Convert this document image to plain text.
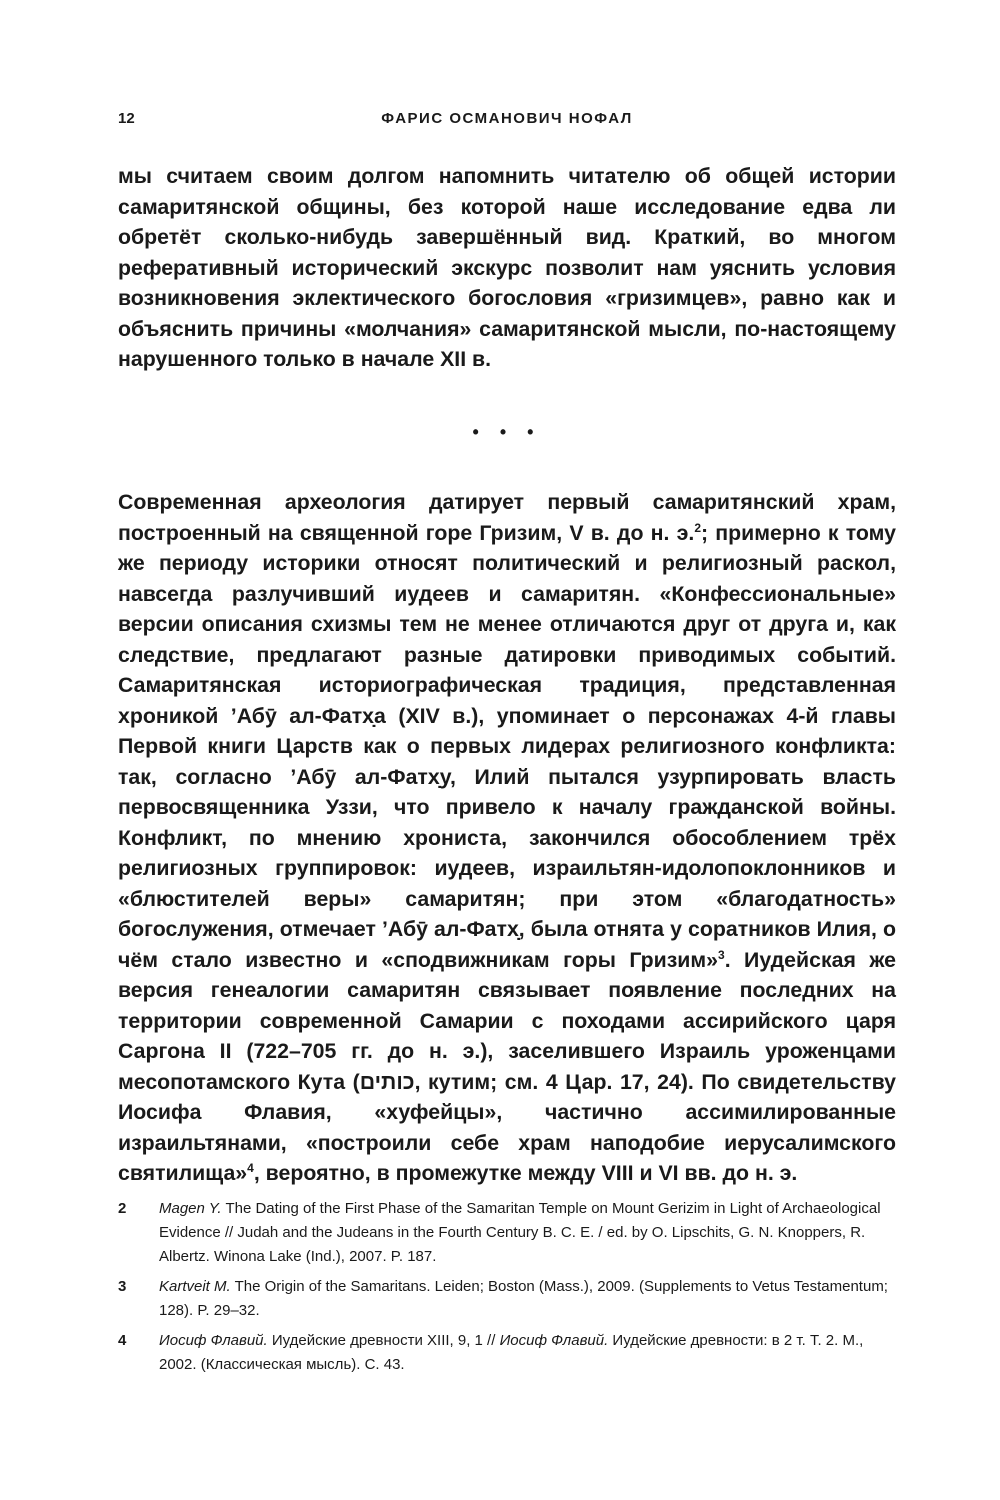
12	ФАРИС ОСМАНОВИЧ НОФАЛ

мы считаем своим долгом напомнить читателю об общей истории самаритянской общины, без которой наше исследование едва ли обретёт сколько-нибудь завершённый вид. Краткий, во многом реферативный исторический экскурс позволит нам уяснить условия возникновения эклектического богословия «гризимцев», равно как и объяснить причины «молчания» самаритянской мысли, по-настоящему нарушенного только в начале XII в.

• • •

Современная археология датирует первый самаритянский храм, построенный на священной горе Гризим, V в. до н. э.$^2$; примерно к тому же периоду историки относят политический и религиозный раскол, навсегда разлучивший иудеев и самаритян. «Конфессиональные» версии описания схизмы тем не менее отличаются друг от друга и, как следствие, предлагают разные датировки приводимых событий. Самаритянская историографическая традиция, представленная хроникой ’Абӯ ал-Фатх̣а (XIV в.), упоминает о персонажах 4-й главы Первой книги Царств как о первых лидерах религиозного конфликта: так, согласно ’Абӯ ал-Фатх̣у, Илий пытался узурпировать власть первосвященника Уззи, что привело к началу гражданской войны. Конфликт, по мнению хрониста, закончился обособлением трёх религиозных группировок: иудеев, израильтян-идолопоклонников и «блюстителей веры» самаритян; при этом «благодатность» богослужения, отмечает ’Абӯ ал-Фатх̣, была отнята у соратников Илия, о чём стало известно и «сподвижникам горы Гризим»$^3$. Иудейская же версия генеалогии самаритян связывает появление последних на территории современной Самарии с походами ассирийского царя Саргона II (722–705 гг. до н. э.), заселившего Израиль уроженцами месопотамского Кута (כותים, кутим; см. 4 Цар. 17, 24). По свидетельству Иосифа Флавия, «хуфейцы», частично ассимилированные израильтянами, «построили себе храм наподобие иерусалимского святилища»$^4$, вероятно, в промежутке между VIII и VI вв. до н. э.

2 Magen Y. The Dating of the First Phase of the Samaritan Temple on Mount Gerizim in Light of Archaeological Evidence // Judah and the Judeans in the Fourth Century B. C. E. / ed. by O. Lipschits, G. N. Knoppers, R. Albertz. Winona Lake (Ind.), 2007. P. 187.
3 Kartveit M. The Origin of the Samaritans. Leiden; Boston (Mass.), 2009. (Supplements to Vetus Testamentum; 128). P. 29–32.
4 Иосиф Флавий. Иудейские древности XIII, 9, 1 // Иосиф Флавий. Иудейские древности: в 2 т. Т. 2. М., 2002. (Классическая мысль). С. 43.
